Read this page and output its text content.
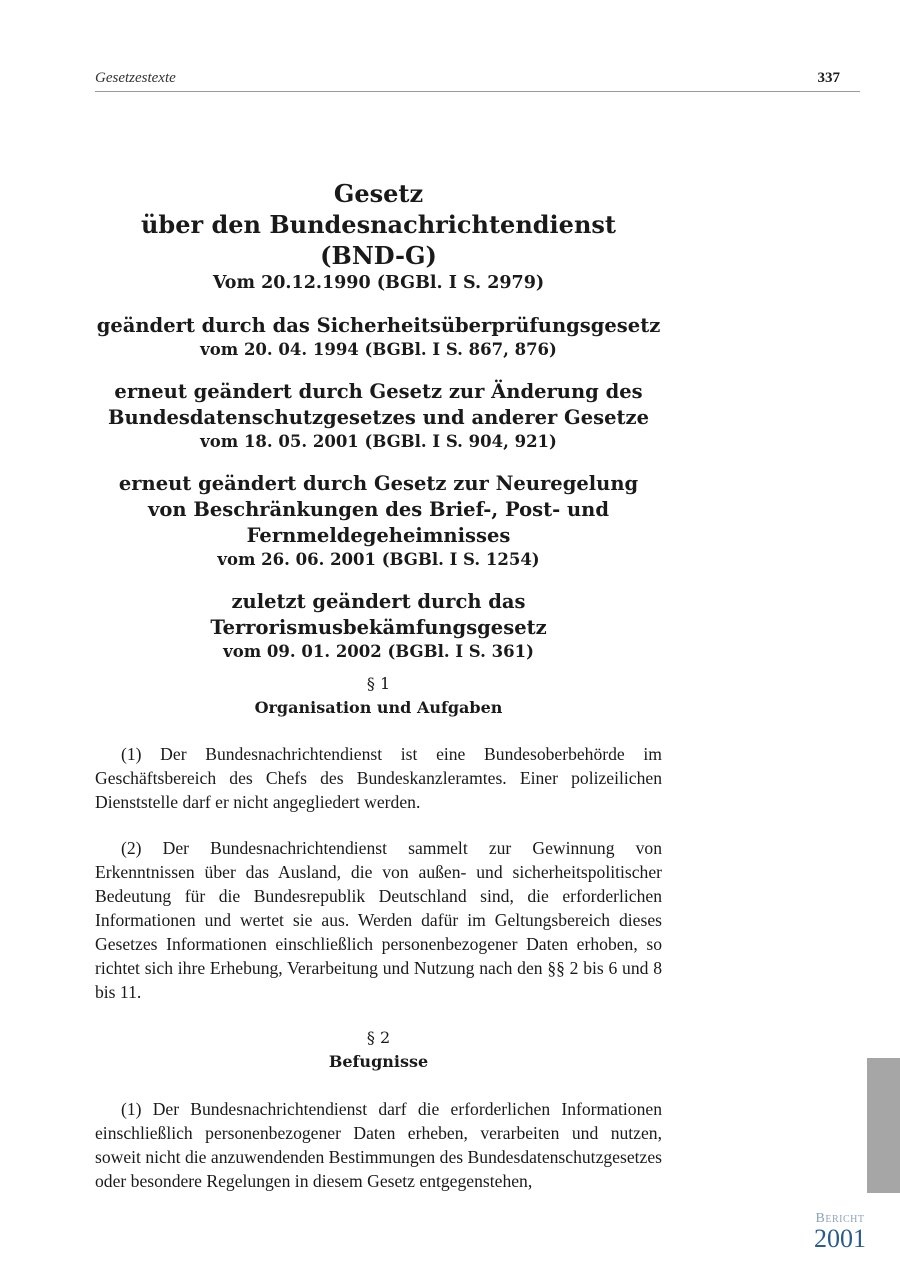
Gesetzestexte	337
Gesetz
über den Bundesnachrichtendienst (BND-G)
Vom 20.12.1990 (BGBl. I S. 2979)
geändert durch das Sicherheitsüberprüfungsgesetz
vom 20. 04. 1994 (BGBl. I S. 867, 876)
erneut geändert durch Gesetz zur Änderung des
Bundesdatenschutzgesetzes und anderer Gesetze
vom 18. 05. 2001 (BGBl. I S. 904, 921)
erneut geändert durch Gesetz zur Neuregelung
von Beschränkungen des Brief-, Post- und
Fernmeldegeheimnisses
vom 26. 06. 2001 (BGBl. I S. 1254)
zuletzt geändert durch das
Terrorismusbekämfungsgesetz
vom 09. 01. 2002 (BGBl. I S. 361)
§ 1
Organisation und Aufgaben

(1) Der Bundesnachrichtendienst ist eine Bundesoberbehörde im Geschäftsbereich des Chefs des Bundeskanzleramtes. Einer polizeilichen Dienststelle darf er nicht angegliedert werden.

(2) Der Bundesnachrichtendienst sammelt zur Gewinnung von Erkenntnissen über das Ausland, die von außen- und sicherheitspolitischer Bedeutung für die Bundesrepublik Deutschland sind, die erforderlichen Informationen und wertet sie aus. Werden dafür im Geltungsbereich dieses Gesetzes Informationen einschließlich personenbezogener Daten erhoben, so richtet sich ihre Erhebung, Verarbeitung und Nutzung nach den §§ 2 bis 6 und 8 bis 11.

§ 2
Befugnisse

(1) Der Bundesnachrichtendienst darf die erforderlichen Informationen einschließlich personenbezogener Daten erheben, verarbeiten und nutzen, soweit nicht die anzuwendenden Bestimmungen des Bundesdatenschutzgesetzes oder besondere Regelungen in diesem Gesetz entgegenstehen,

Bericht
2001
